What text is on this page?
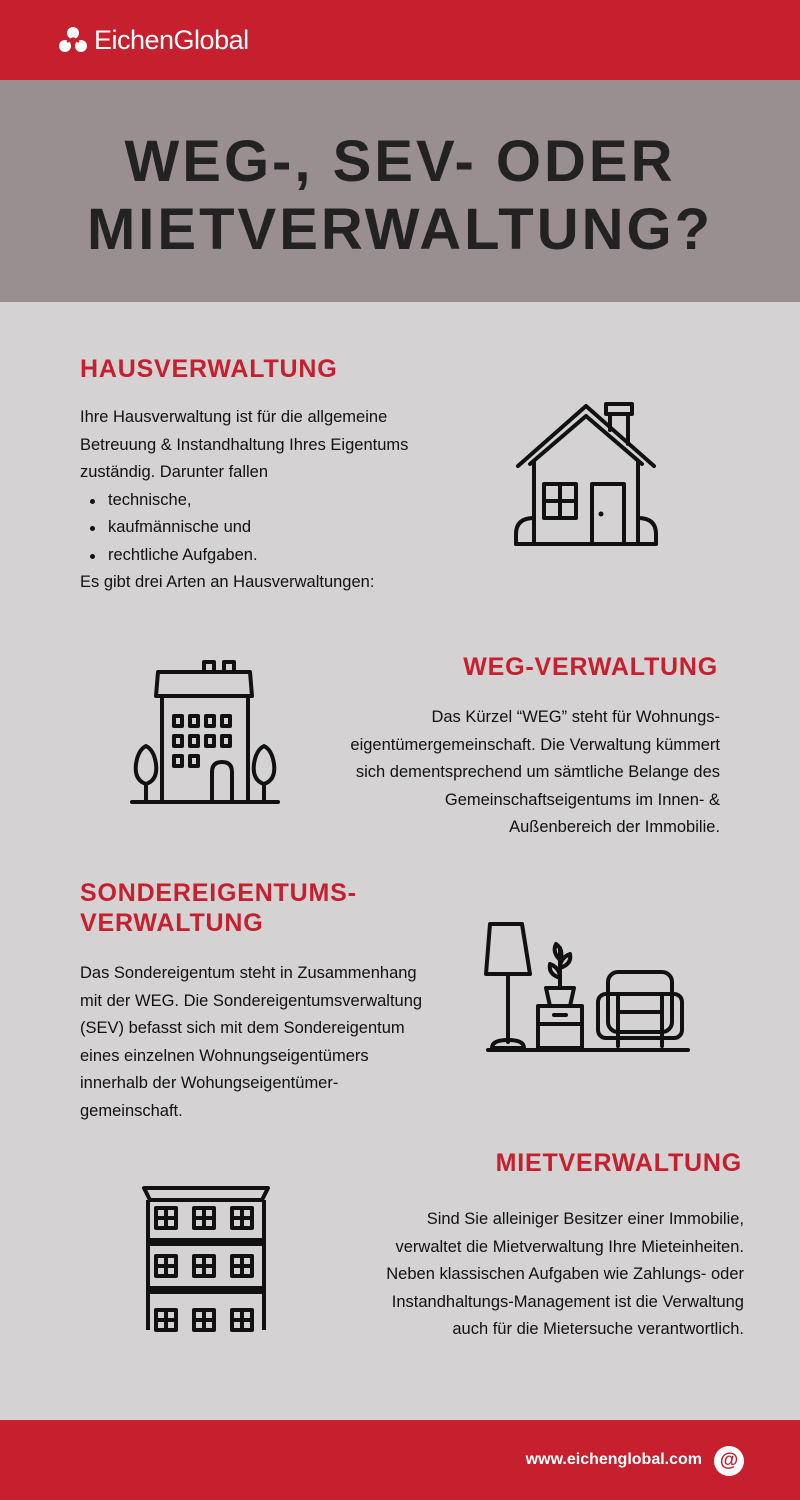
EichenGlobal
WEG-, SEV- ODER
MIETVERWALTUNG?
HAUSVERWALTUNG
Ihre Hausverwaltung ist für die allgemeine Betreuung & Instandhaltung Ihres Eigentums zuständig. Darunter fallen
technische,
kaufmännische und
rechtliche Aufgaben.
Es gibt drei Arten an Hausverwaltungen:
WEG-VERWALTUNG
Das Kürzel “WEG” steht für Wohnungs-eigentümergemeinschaft. Die Verwaltung kümmert sich dementsprechend um sämtliche Belange des Gemeinschaftseigentums im Innen- & Außenbereich der Immobilie.
SONDEREIGENTUMS-
VERWALTUNG
Das Sondereigentum steht in Zusammenhang mit der WEG. Die Sondereigentumsverwaltung (SEV) befasst sich mit dem Sondereigentum eines einzelnen Wohnungseigentümers innerhalb der Wohungseigentümer-gemeinschaft.
MIETVERWALTUNG
Sind Sie alleiniger Besitzer einer Immobilie, verwaltet die Mietverwaltung Ihre Mieteinheiten. Neben klassischen Aufgaben wie Zahlungs- oder Instandhaltungs-Management ist die Verwaltung auch für die Mietersuche verantwortlich.
www.eichenglobal.com @
